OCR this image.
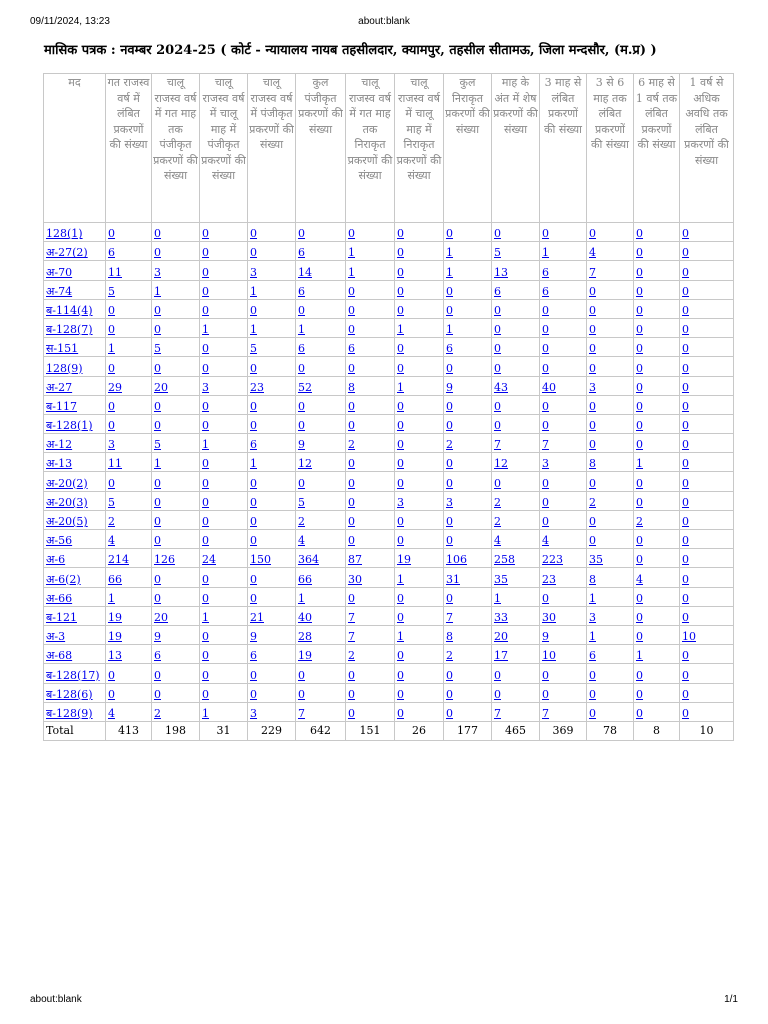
09/11/2024, 13:23	about:blank
मासिक पत्रक : नवम्बर 2024-25 ( कोर्ट - न्यायालय नायब तहसीलदार, क्यामपुर, तहसील सीतामऊ, जिला मन्दसौर, (म.प्र) )
मद	गत राजस्व वर्ष में लंबित प्रकरणों की संख्या	चालू राजस्व वर्ष में गत माह तक पंजीकृत प्रकरणों की संख्या	चालू राजस्व वर्ष में चालू माह में पंजीकृत प्रकरणों की संख्या	चालू राजस्व वर्ष में पंजीकृत प्रकरणों की संख्या	कुल पंजीकृत प्रकरणों की संख्या	चालू राजस्व वर्ष में गत माह तक निराकृत प्रकरणों की संख्या	चालू राजस्व वर्ष में चालू माह में निराकृत प्रकरणों की संख्या	कुल निराकृत प्रकरणों की संख्या	माह के अंत में शेष प्रकरणों की संख्या	3 माह से लंबित प्रकरणों की संख्या	3 से 6 माह तक लंबित प्रकरणों की संख्या	6 माह से 1 वर्ष तक लंबित प्रकरणों की संख्या	1 वर्ष से अधिक अवधि तक लंबित प्रकरणों की संख्या
128(1)	0	0	0	0	0	0	0	0	0	0	0	0	0
अ-27(2)	6	0	0	0	6	1	0	1	5	1	4	0	0
अ-70	11	3	0	3	14	1	0	1	13	6	7	0	0
अ-74	5	1	0	1	6	0	0	0	6	6	0	0	0
ब-114(4)	0	0	0	0	0	0	0	0	0	0	0	0	0
ब-128(7)	0	0	1	1	1	0	1	1	0	0	0	0	0
स-151	1	5	0	5	6	6	0	6	0	0	0	0	0
128(9)	0	0	0	0	0	0	0	0	0	0	0	0	0
अ-27	29	20	3	23	52	8	1	9	43	40	3	0	0
ब-117	0	0	0	0	0	0	0	0	0	0	0	0	0
ब-128(1)	0	0	0	0	0	0	0	0	0	0	0	0	0
अ-12	3	5	1	6	9	2	0	2	7	7	0	0	0
अ-13	11	1	0	1	12	0	0	0	12	3	8	1	0
अ-20(2)	0	0	0	0	0	0	0	0	0	0	0	0	0
अ-20(3)	5	0	0	0	5	0	3	3	2	0	2	0	0
अ-20(5)	2	0	0	0	2	0	0	0	2	0	0	2	0
अ-56	4	0	0	0	4	0	0	0	4	4	0	0	0
अ-6	214	126	24	150	364	87	19	106	258	223	35	0	0
अ-6(2)	66	0	0	0	66	30	1	31	35	23	8	4	0
अ-66	1	0	0	0	1	0	0	0	1	0	1	0	0
ब-121	19	20	1	21	40	7	0	7	33	30	3	0	0
अ-3	19	9	0	9	28	7	1	8	20	9	1	0	10
अ-68	13	6	0	6	19	2	0	2	17	10	6	1	0
ब-128(17)	0	0	0	0	0	0	0	0	0	0	0	0	0
ब-128(6)	0	0	0	0	0	0	0	0	0	0	0	0	0
ब-128(9)	4	2	1	3	7	0	0	0	7	7	0	0	0
Total	413	198	31	229	642	151	26	177	465	369	78	8	10
about:blank	1/1
